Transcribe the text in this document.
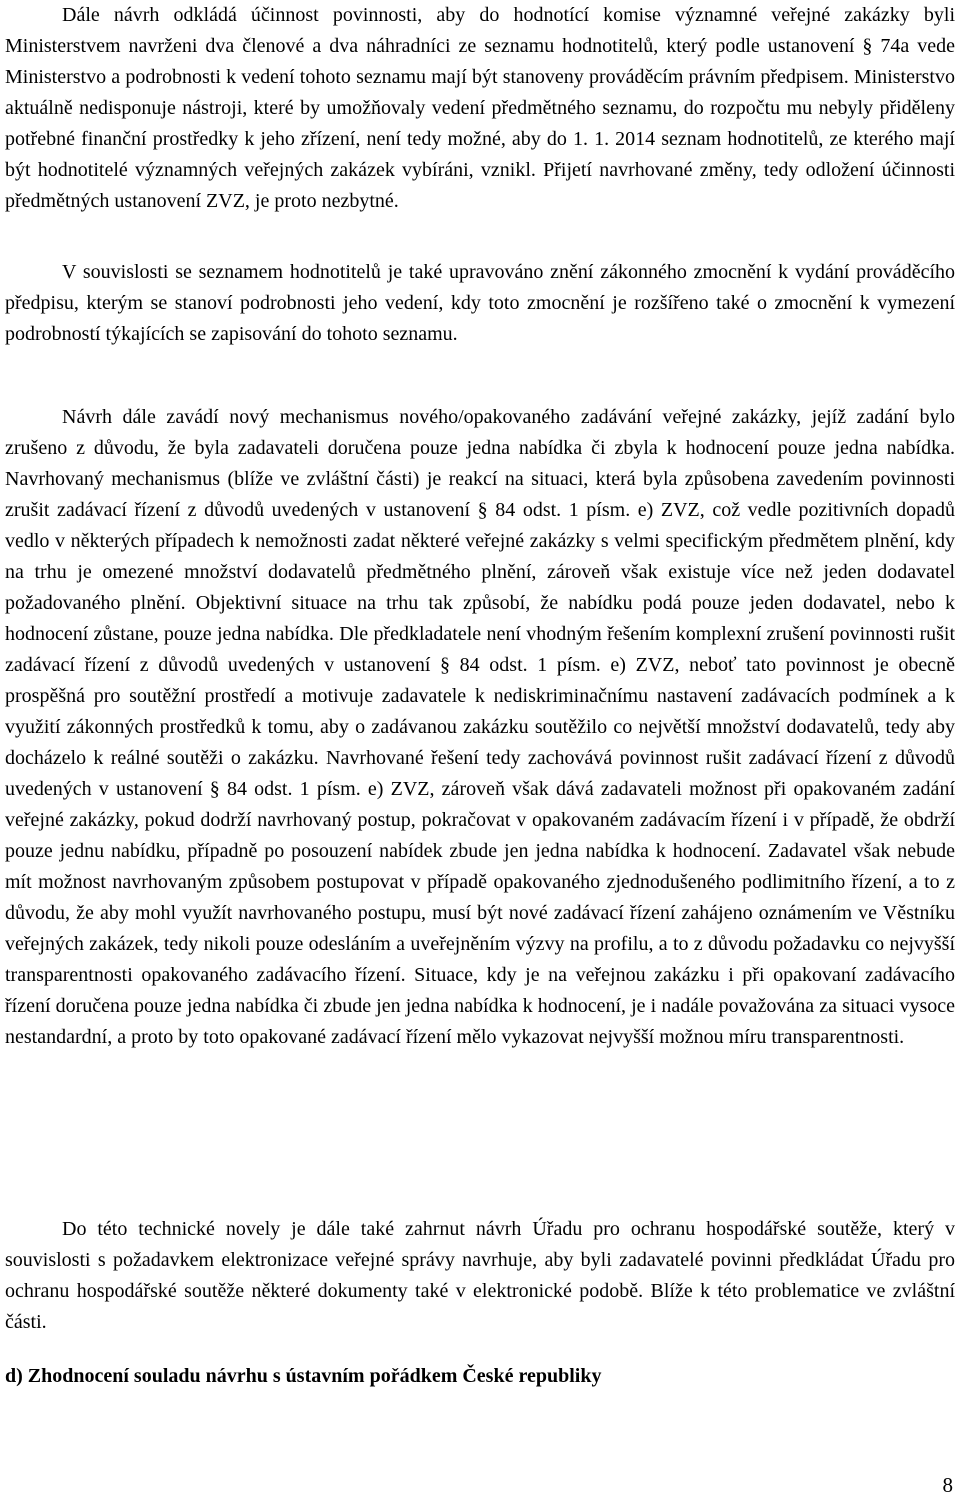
Dále návrh odkládá účinnost povinnosti, aby do hodnotící komise významné veřejné zakázky byli Ministerstvem navrženi dva členové a dva náhradníci ze seznamu hodnotitelů, který podle ustanovení § 74a vede Ministerstvo a podrobnosti k vedení tohoto seznamu mají být stanoveny prováděcím právním předpisem. Ministerstvo aktuálně nedisponuje nástroji, které by umožňovaly vedení předmětného seznamu, do rozpočtu mu nebyly přiděleny potřebné finanční prostředky k jeho zřízení, není tedy možné, aby do 1. 1. 2014 seznam hodnotitelů, ze kterého mají být hodnotitelé významných veřejných zakázek vybíráni, vznikl. Přijetí navrhované změny, tedy odložení účinnosti předmětných ustanovení ZVZ, je proto nezbytné.

V souvislosti se seznamem hodnotitelů je také upravováno znění zákonného zmocnění k vydání prováděcího předpisu, kterým se stanoví podrobnosti jeho vedení, kdy toto zmocnění je rozšířeno také o zmocnění k vymezení podrobností týkajících se zapisování do tohoto seznamu.

Návrh dále zavádí nový mechanismus nového/opakovaného zadávání veřejné zakázky, jejíž zadání bylo zrušeno z důvodu, že byla zadavateli doručena pouze jedna nabídka či zbyla k hodnocení pouze jedna nabídka. Navrhovaný mechanismus (blíže ve zvláštní části) je reakcí na situaci, která byla způsobena zavedením povinnosti zrušit zadávací řízení z důvodů uvedených v ustanovení § 84 odst. 1 písm. e) ZVZ, což vedle pozitivních dopadů vedlo v některých případech k nemožnosti zadat některé veřejné zakázky s velmi specifickým předmětem plnění, kdy na trhu je omezené množství dodavatelů předmětného plnění, zároveň však existuje více než jeden dodavatel požadovaného plnění. Objektivní situace na trhu tak způsobí, že nabídku podá pouze jeden dodavatel, nebo k hodnocení zůstane, pouze jedna nabídka. Dle předkladatele není vhodným řešením komplexní zrušení povinnosti rušit zadávací řízení z důvodů uvedených v ustanovení § 84 odst. 1 písm. e) ZVZ, neboť tato povinnost je obecně prospěšná pro soutěžní prostředí a motivuje zadavatele k nediskriminačnímu nastavení zadávacích podmínek a k využití zákonných prostředků k tomu, aby o zadávanou zakázku soutěžilo co největší množství dodavatelů, tedy aby docházelo k reálné soutěži o zakázku. Navrhované řešení tedy zachovává povinnost rušit zadávací řízení z důvodů uvedených v ustanovení § 84 odst. 1 písm. e) ZVZ, zároveň však dává zadavateli možnost při opakovaném zadání veřejné zakázky, pokud dodrží navrhovaný postup, pokračovat v opakovaném zadávacím řízení i v případě, že obdrží pouze jednu nabídku, případně po posouzení nabídek zbude jen jedna nabídka k hodnocení. Zadavatel však nebude mít možnost navrhovaným způsobem postupovat v případě opakovaného zjednodušeného podlimitního řízení, a to z důvodu, že aby mohl využít navrhovaného postupu, musí být nové zadávací řízení zahájeno oznámením ve Věstníku veřejných zakázek, tedy nikoli pouze odesláním a uveřejněním výzvy na profilu, a to z důvodu požadavku co nejvyšší transparentnosti opakovaného zadávacího řízení. Situace, kdy je na veřejnou zakázku i při opakovaní zadávacího řízení doručena pouze jedna nabídka či zbude jen jedna nabídka k hodnocení, je i nadále považována za situaci vysoce nestandardní, a proto by toto opakované zadávací řízení mělo vykazovat nejvyšší možnou míru transparentnosti.

Do této technické novely je dále také zahrnut návrh Úřadu pro ochranu hospodářské soutěže, který v souvislosti s požadavkem elektronizace veřejné správy navrhuje, aby byli zadavatelé povinni předkládat Úřadu pro ochranu hospodářské soutěže některé dokumenty také v elektronické podobě. Blíže k této problematice ve zvláštní části.

d) Zhodnocení souladu návrhu s ústavním pořádkem České republiky
8
